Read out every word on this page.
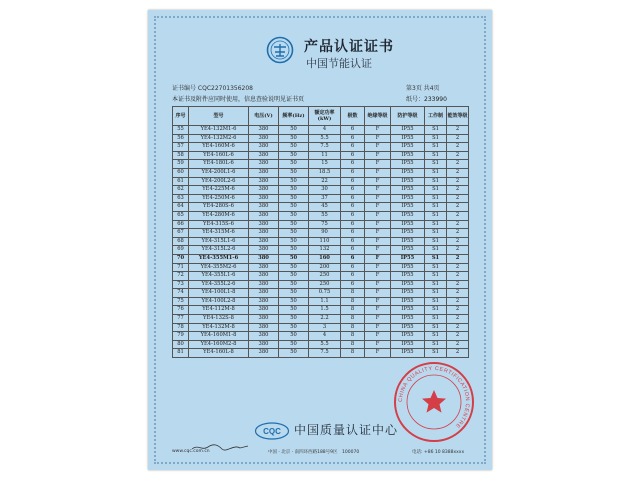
产品认证证书
中国节能认证
证书编号 CQC22701356208	第3页 共4页
本证书及附件应同时使用，信息查验说明见证书页	纸号：233990
序号	型号	电压(V)	频率(Hz)	额定功率(kW)	极数	绝缘等级	防护等级	工作制	能效等级
55	YE4-132M1-6	380	50	4	6	F	IP55	S1	2
56	YE4-132M2-6	380	50	5.5	6	F	IP55	S1	2
57	YE4-160M-6	380	50	7.5	6	F	IP55	S1	2
58	YE4-160L-6	380	50	11	6	F	IP55	S1	2
59	YE4-180L-6	380	50	15	6	F	IP55	S1	2
60	YE4-200L1-6	380	50	18.5	6	F	IP55	S1	2
61	YE4-200L2-6	380	50	22	6	F	IP55	S1	2
62	YE4-225M-6	380	50	30	6	F	IP55	S1	2
63	YE4-250M-6	380	50	37	6	F	IP55	S1	2
64	YE4-280S-6	380	50	45	6	F	IP55	S1	2
65	YE4-280M-6	380	50	55	6	F	IP55	S1	2
66	YE4-315S-6	380	50	75	6	F	IP55	S1	2
67	YE4-315M-6	380	50	90	6	F	IP55	S1	2
68	YE4-315L1-6	380	50	110	6	F	IP55	S1	2
69	YE4-315L2-6	380	50	132	6	F	IP55	S1	2
70	YE4-355M1-6	380	50	160	6	F	IP55	S1	2
71	YE4-355M2-6	380	50	200	6	F	IP55	S1	2
72	YE4-355L1-6	380	50	250	6	F	IP55	S1	2
73	YE4-355L2-6	380	50	250	6	F	IP55	S1	2
74	YE4-100L1-8	380	50	0.75	8	F	IP55	S1	2
75	YE4-100L2-8	380	50	1.1	8	F	IP55	S1	2
76	YE4-112M-8	380	50	1.5	8	F	IP55	S1	2
77	YE4-132S-8	380	50	2.2	8	F	IP55	S1	2
78	YE4-132M-8	380	50	3	8	F	IP55	S1	2
79	YE4-160M1-8	380	50	4	8	F	IP55	S1	2
80	YE4-160M2-8	380	50	5.5	8	F	IP55	S1	2
81	YE4-160L-8	380	50	7.5	8	F	IP55	S1	2
CQC 中国质量认证中心
www.cqc.com.cn	中国 · 北京 · 南四环西路188号9区　100070	电话: +86 10 8388xxxx
CHINA QUALITY CERTIFICATION CENTRE
